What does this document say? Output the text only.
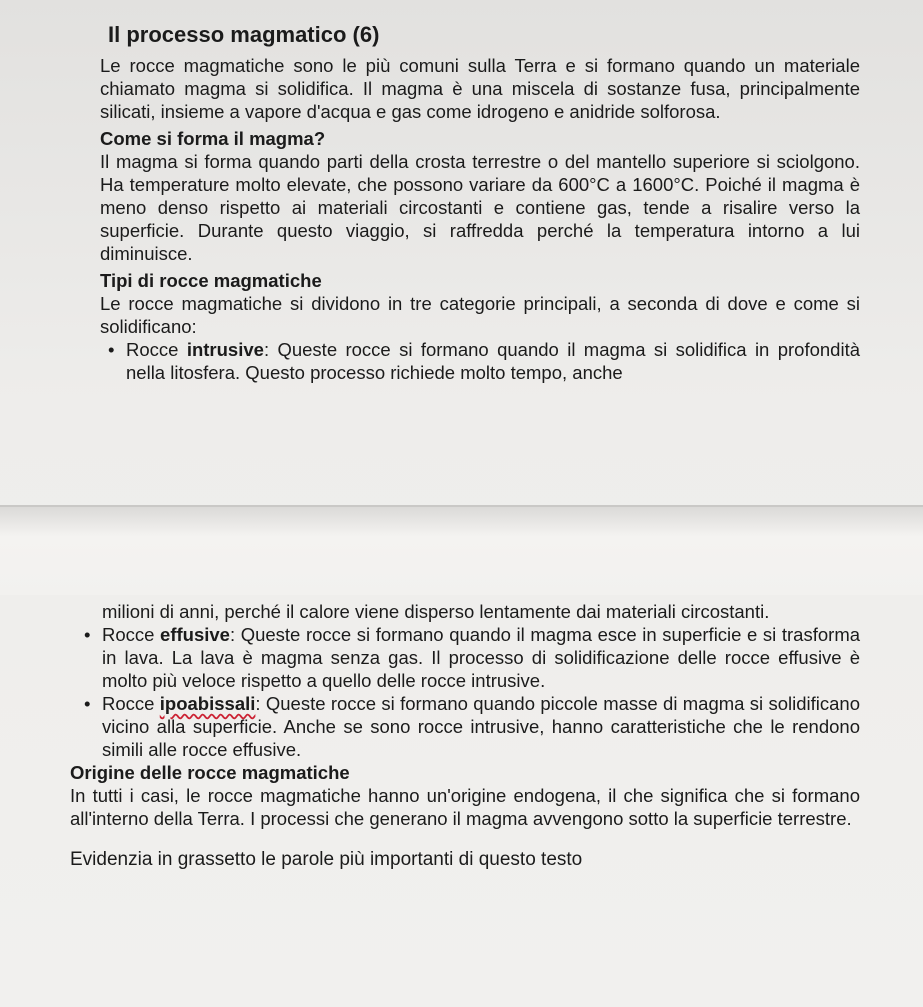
Il processo magmatico (6)

Le rocce magmatiche sono le più comuni sulla Terra e si formano quando un materiale chiamato magma si solidifica. Il magma è una miscela di sostanze fusa, principalmente silicati, insieme a vapore d'acqua e gas come idrogeno e anidride solforosa.

Come si forma il magma?

Il magma si forma quando parti della crosta terrestre o del mantello superiore si sciolgono. Ha temperature molto elevate, che possono variare da 600°C a 1600°C. Poiché il magma è meno denso rispetto ai materiali circostanti e contiene gas, tende a risalire verso la superficie. Durante questo viaggio, si raffredda perché la temperatura intorno a lui diminuisce.

Tipi di rocce magmatiche

Le rocce magmatiche si dividono in tre categorie principali, a seconda di dove e come si solidificano:

• Rocce intrusive: Queste rocce si formano quando il magma si solidifica in profondità nella litosfera. Questo processo richiede molto tempo, anche

milioni di anni, perché il calore viene disperso lentamente dai materiali circostanti.

• Rocce effusive: Queste rocce si formano quando il magma esce in superficie e si trasforma in lava. La lava è magma senza gas. Il processo di solidificazione delle rocce effusive è molto più veloce rispetto a quello delle rocce intrusive.
• Rocce ipoabissali: Queste rocce si formano quando piccole masse di magma si solidificano vicino alla superficie. Anche se sono rocce intrusive, hanno caratteristiche che le rendono simili alle rocce effusive.
Origine delle rocce magmatiche

In tutti i casi, le rocce magmatiche hanno un'origine endogena, il che significa che si formano all'interno della Terra. I processi che generano il magma avvengono sotto la superficie terrestre.

Evidenzia in grassetto le parole più importanti di questo testo
